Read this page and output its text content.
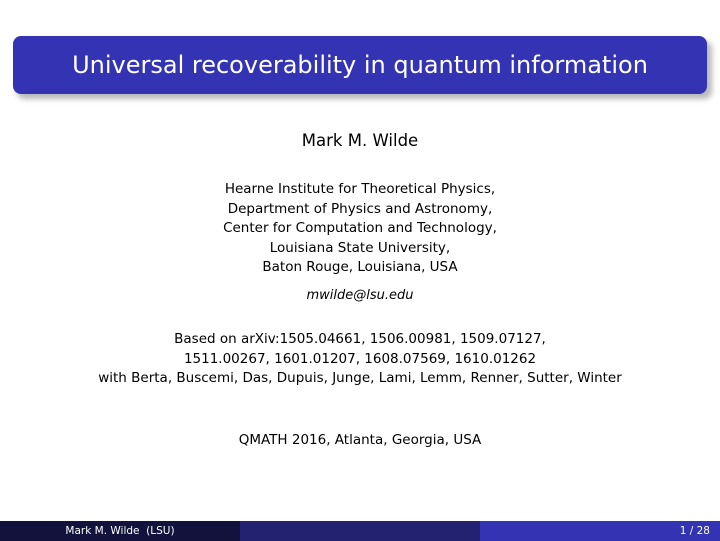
Universal recoverability in quantum information
Mark M. Wilde
Hearne Institute for Theoretical Physics,
Department of Physics and Astronomy,
Center for Computation and Technology,
Louisiana State University,
Baton Rouge, Louisiana, USA
mwilde@lsu.edu
Based on arXiv:1505.04661, 1506.00981, 1509.07127,
1511.00267, 1601.01207, 1608.07569, 1610.01262
with Berta, Buscemi, Das, Dupuis, Junge, Lami, Lemm, Renner, Sutter, Winter
QMATH 2016, Atlanta, Georgia, USA
Mark M. Wilde  (LSU)	1 / 28
